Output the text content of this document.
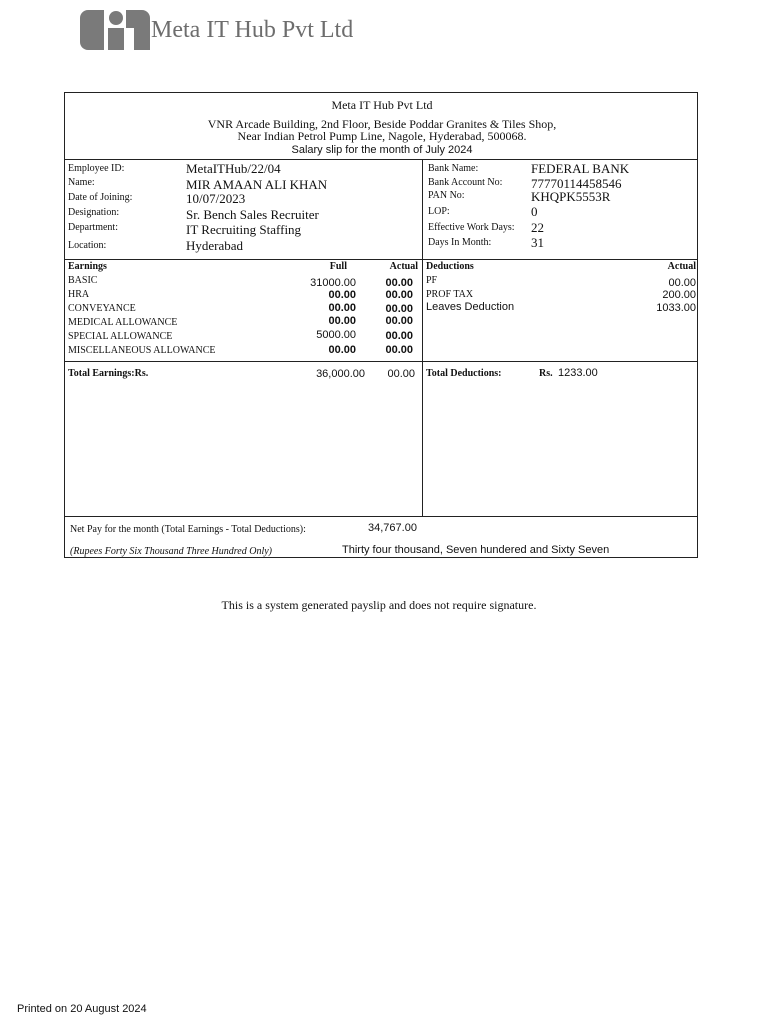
Meta IT Hub Pvt Ltd
Meta IT Hub Pvt Ltd
VNR Arcade Building, 2nd Floor, Beside Poddar Granites & Tiles Shop,
Near Indian Petrol Pump Line, Nagole, Hyderabad, 500068.
Salary slip for the month of July 2024
Employee ID:	MetaITHub/22/04
Name:	MIR AMAAN ALI KHAN
Date of Joining:	10/07/2023
Designation:	Sr. Bench Sales Recruiter
Department:	IT Recruiting Staffing
Location:	Hyderabad
Bank Name:	FEDERAL BANK
Bank Account No: 77770114458546
PAN No:	KHQPK5553R
LOP:	0
Effective Work Days: 22
Days In Month:	31
Earnings	Full	Actual
BASIC	31000.00	00.00
HRA	00.00	00.00
CONVEYANCE	00.00	00.00
MEDICAL ALLOWANCE	00.00	00.00
SPECIAL ALLOWANCE	5000.00	00.00
MISCELLANEOUS ALLOWANCE	00.00	00.00
Deductions	Actual
PF	00.00
PROF TAX	200.00
Leaves Deduction	1033.00
Total Earnings:Rs.	36,000.00	00.00 Total Deductions:	Rs. 1233.00
Net Pay for the month (Total Earnings - Total Deductions):	34,767.00
(Rupees Forty Six Thousand Three Hundred Only)	Thirty four thousand, Seven hundered and Sixty Seven
This is a system generated payslip and does not require signature.
Printed on 20 August 2024
